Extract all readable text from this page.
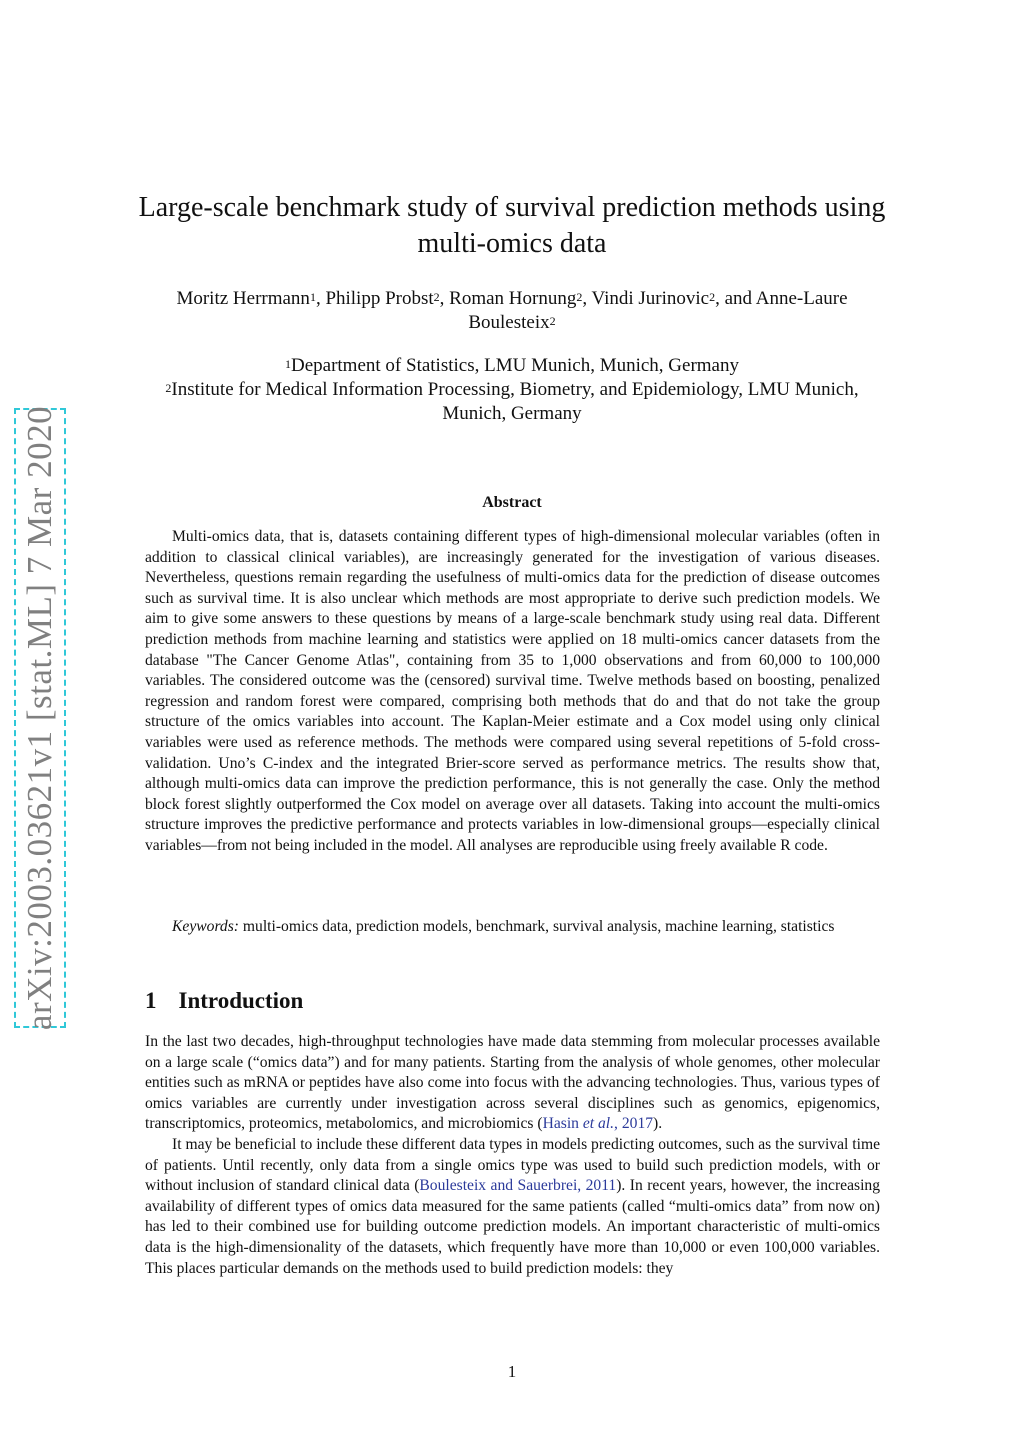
arXiv:2003.03621v1 [stat.ML] 7 Mar 2020
Large-scale benchmark study of survival prediction methods using
multi-omics data
Moritz Herrmann$^1$, Philipp Probst$^2$, Roman Hornung$^2$, Vindi Jurinovic$^2$, and Anne-Laure
Boulesteix$^2$
$^1$Department of Statistics, LMU Munich, Munich, Germany
$^2$Institute for Medical Information Processing, Biometry, and Epidemiology, LMU Munich,
Munich, Germany
Abstract

Multi-omics data, that is, datasets containing different types of high-dimensional molecular variables (often in addition to classical clinical variables), are increasingly generated for the investigation of various diseases. Nevertheless, questions remain regarding the usefulness of multi-omics data for the prediction of disease outcomes such as survival time. It is also unclear which methods are most appropriate to derive such prediction models. We aim to give some answers to these questions by means of a large-scale benchmark study using real data. Different prediction methods from machine learning and statistics were applied on 18 multi-omics cancer datasets from the database "The Cancer Genome Atlas", containing from 35 to 1,000 observations and from 60,000 to 100,000 variables. The considered outcome was the (censored) survival time. Twelve methods based on boosting, penalized regression and random forest were compared, comprising both methods that do and that do not take the group structure of the omics variables into account. The Kaplan-Meier estimate and a Cox model using only clinical variables were used as reference methods. The methods were compared using several repetitions of 5-fold cross-validation. Uno’s C-index and the integrated Brier-score served as performance metrics. The results show that, although multi-omics data can improve the prediction performance, this is not generally the case. Only the method block forest slightly outperformed the Cox model on average over all datasets. Taking into account the multi-omics structure improves the predictive performance and protects variables in low-dimensional groups—especially clinical variables—from not being included in the model. All analyses are reproducible using freely available R code.

Keywords: multi-omics data, prediction models, benchmark, survival analysis, machine learning, statistics
1 Introduction

In the last two decades, high-throughput technologies have made data stemming from molecular processes available on a large scale (“omics data”) and for many patients. Starting from the analysis of whole genomes, other molecular entities such as mRNA or peptides have also come into focus with the advancing technologies. Thus, various types of omics variables are currently under investigation across several disciplines such as genomics, epigenomics, transcriptomics, proteomics, metabolomics, and microbiomics (Hasin et al., 2017).

It may be beneficial to include these different data types in models predicting outcomes, such as the survival time of patients. Until recently, only data from a single omics type was used to build such prediction models, with or without inclusion of standard clinical data (Boulesteix and Sauerbrei, 2011). In recent years, however, the increasing availability of different types of omics data measured for the same patients (called “multi-omics data” from now on) has led to their combined use for building outcome prediction models. An important characteristic of multi-omics data is the high-dimensionality of the datasets, which frequently have more than 10,000 or even 100,000 variables. This places particular demands on the methods used to build prediction models: they

1
